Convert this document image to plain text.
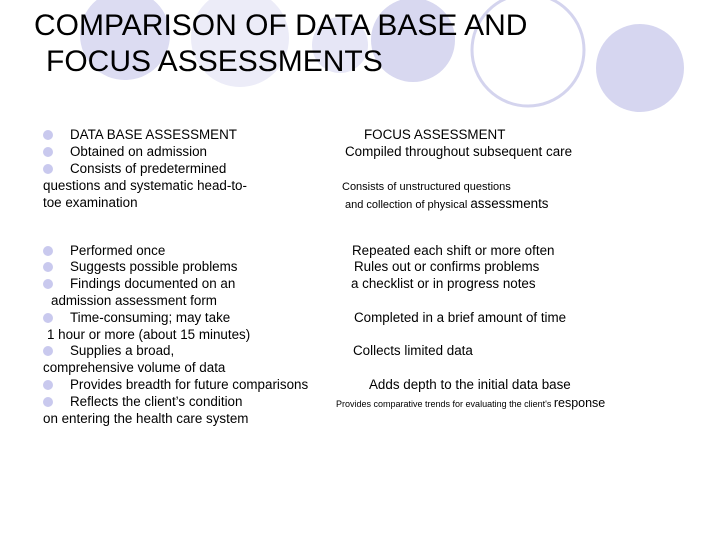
COMPARISON OF DATA BASE AND
FOCUS ASSESSMENTS
DATA BASE ASSESSMENT
Obtained on admission
Consists of predetermined
questions and systematic head-to-
toe examination
Performed once
Suggests possible problems
Findings documented on an
admission assessment form
Time-consuming; may take
1 hour or more (about 15 minutes)
Supplies a broad,
comprehensive volume of data
Provides breadth for future comparisons
Reflects the client’s condition
on entering the health care system
FOCUS ASSESSMENT
Compiled throughout subsequent care
Consists of unstructured questions
and collection of physical assessments
Repeated each shift or more often
Rules out or confirms problems
a checklist or in progress notes
Completed in a brief amount of time
Collects limited data
Adds depth to the initial data base
Provides comparative trends for evaluating the client's response
